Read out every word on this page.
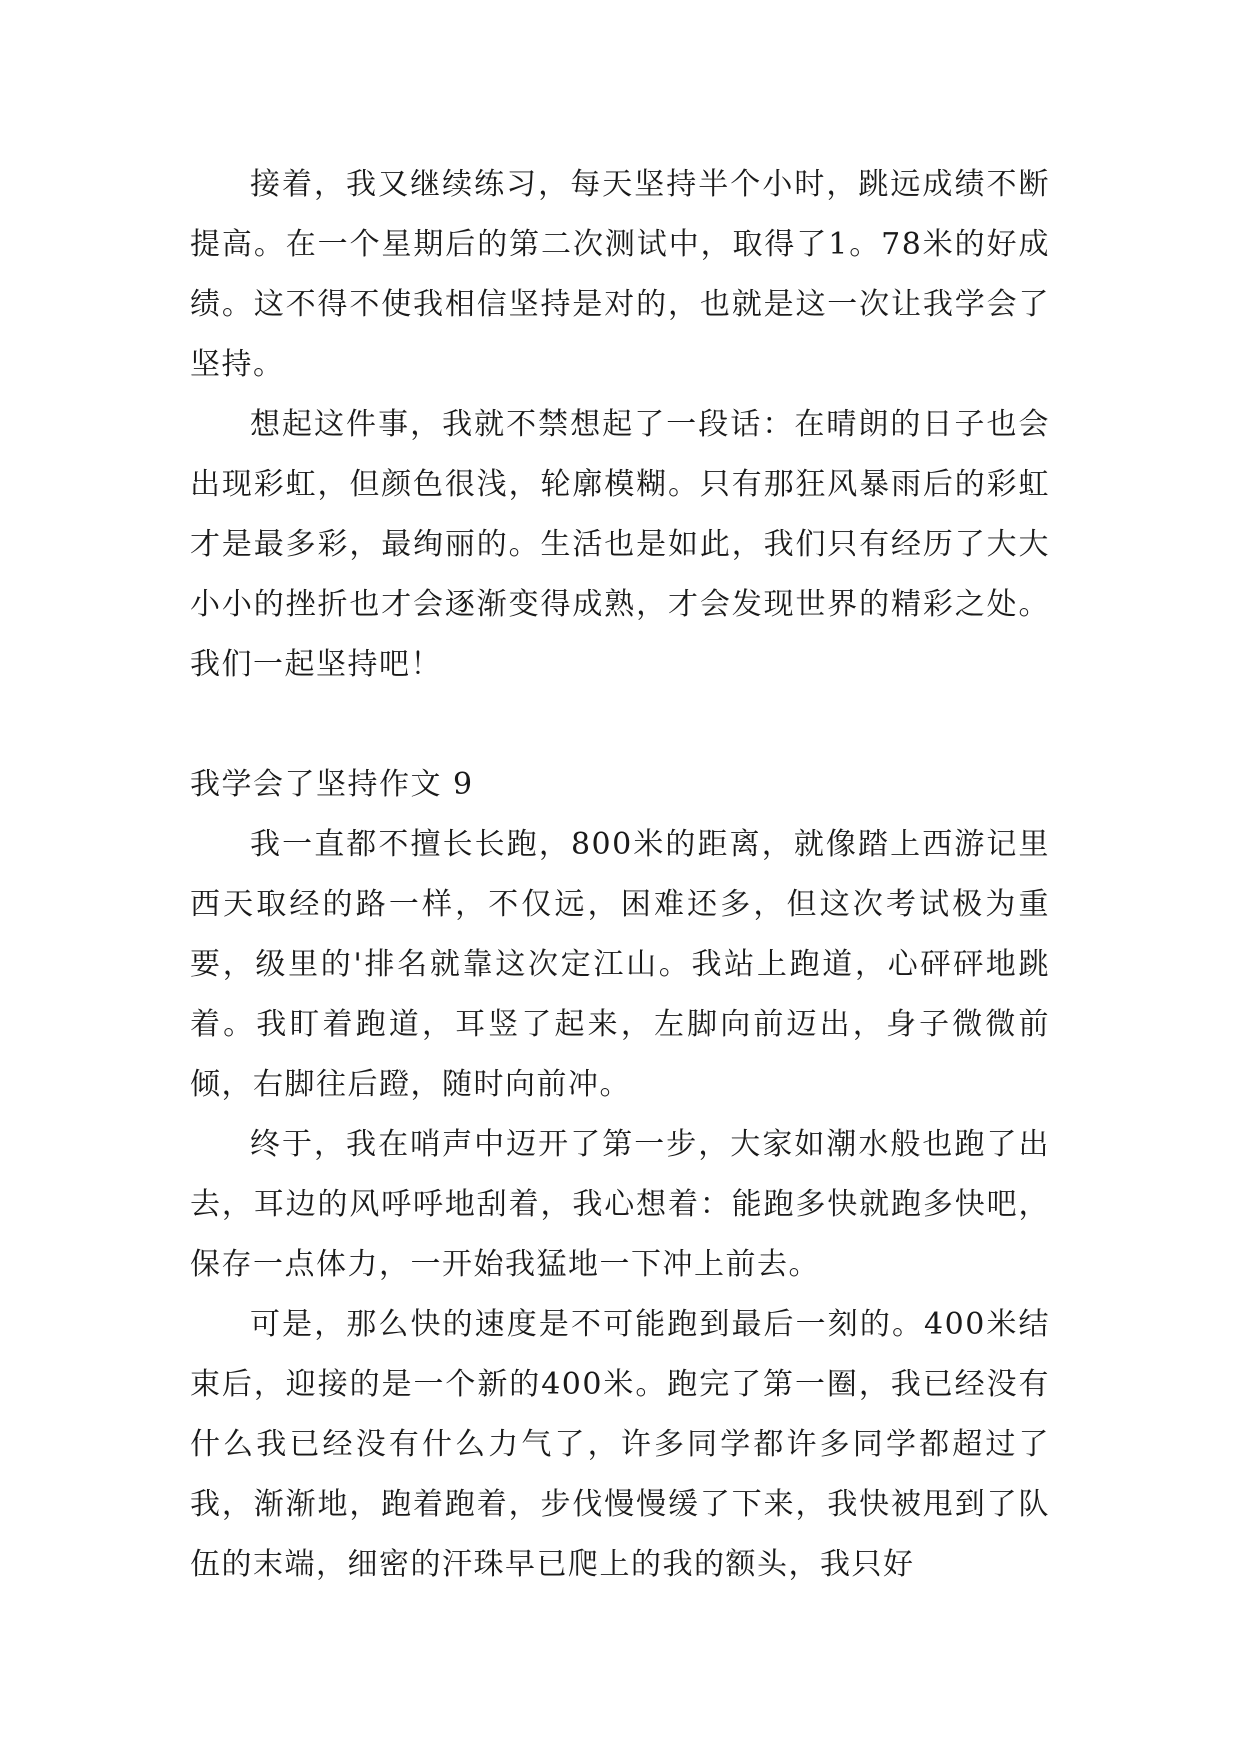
接着，我又继续练习，每天坚持半个小时，跳远成绩不断提高。在一个星期后的第二次测试中，取得了1。78米的好成绩。这不得不使我相信坚持是对的，也就是这一次让我学会了坚持。

想起这件事，我就不禁想起了一段话：在晴朗的日子也会出现彩虹，但颜色很浅，轮廓模糊。只有那狂风暴雨后的彩虹才是最多彩，最绚丽的。生活也是如此，我们只有经历了大大小小的挫折也才会逐渐变得成熟，才会发现世界的精彩之处。我们一起坚持吧！

我学会了坚持作文 9

我一直都不擅长长跑，800米的距离，就像踏上西游记里西天取经的路一样，不仅远，困难还多，但这次考试极为重要，级里的'排名就靠这次定江山。我站上跑道，心砰砰地跳着。我盯着跑道，耳竖了起来，左脚向前迈出，身子微微前倾，右脚往后蹬，随时向前冲。

终于，我在哨声中迈开了第一步，大家如潮水般也跑了出去，耳边的风呼呼地刮着，我心想着：能跑多快就跑多快吧，保存一点体力，一开始我猛地一下冲上前去。

可是，那么快的速度是不可能跑到最后一刻的。400米结束后，迎接的是一个新的400米。跑完了第一圈，我已经没有什么我已经没有什么力气了，许多同学都许多同学都超过了我，渐渐地，跑着跑着，步伐慢慢缓了下来，我快被甩到了队伍的末端，细密的汗珠早已爬上的我的额头，我只好
